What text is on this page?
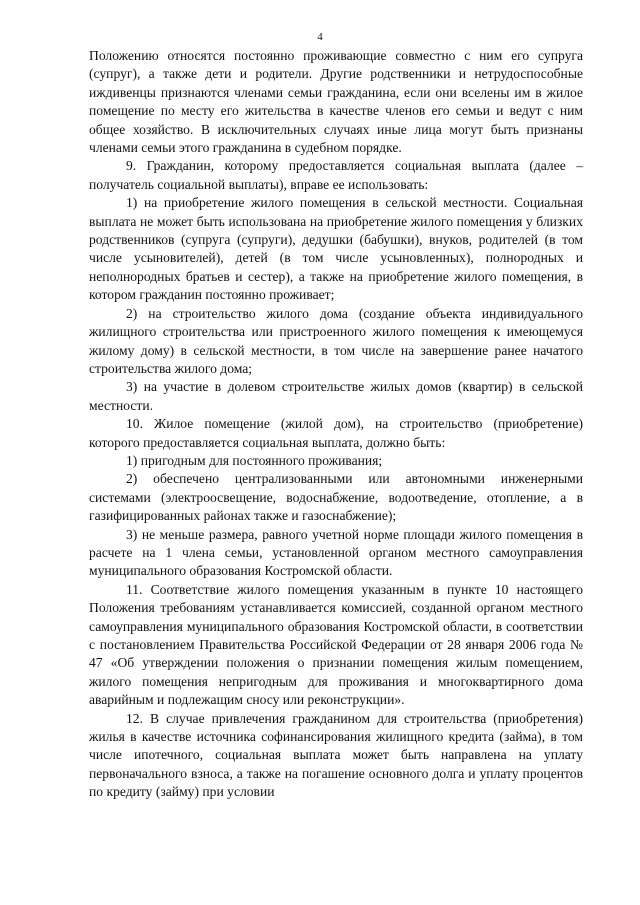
4

Положению относятся постоянно проживающие совместно с ним его супруга (супруг), а также дети и родители. Другие родственники и нетрудоспособные иждивенцы признаются членами семьи гражданина, если они вселены им в жилое помещение по месту его жительства в качестве членов его семьи и ведут с ним общее хозяйство. В исключительных случаях иные лица могут быть признаны членами семьи этого гражданина в судебном порядке.

9. Гражданин, которому предоставляется социальная выплата (далее – получатель социальной выплаты), вправе ее использовать:

1) на приобретение жилого помещения в сельской местности. Социальная выплата не может быть использована на приобретение жилого помещения у близких родственников (супруга (супруги), дедушки (бабушки), внуков, родителей (в том числе усыновителей), детей (в том числе усыновленных), полнородных и неполнородных братьев и сестер), а также на приобретение жилого помещения, в котором гражданин постоянно проживает;

2) на строительство жилого дома (создание объекта индивидуального жилищного строительства или пристроенного жилого помещения к имеющемуся жилому дому) в сельской местности, в том числе на завершение ранее начатого строительства жилого дома;

3) на участие в долевом строительстве жилых домов (квартир) в сельской местности.

10. Жилое помещение (жилой дом), на строительство (приобретение) которого предоставляется социальная выплата, должно быть:

1) пригодным для постоянного проживания;

2) обеспечено централизованными или автономными инженерными системами (электроосвещение, водоснабжение, водоотведение, отопление, а в газифицированных районах также и газоснабжение);

3) не меньше размера, равного учетной норме площади жилого помещения в расчете на 1 члена семьи, установленной органом местного самоуправления муниципального образования Костромской области.

11. Соответствие жилого помещения указанным в пункте 10 настоящего Положения требованиям устанавливается комиссией, созданной органом местного самоуправления муниципального образования Костромской области, в соответствии с постановлением Правительства Российской Федерации от 28 января 2006 года № 47 «Об утверждении положения о признании помещения жилым помещением, жилого помещения непригодным для проживания и многоквартирного дома аварийным и подлежащим сносу или реконструкции».

12. В случае привлечения гражданином для строительства (приобретения) жилья в качестве источника софинансирования жилищного кредита (займа), в том числе ипотечного, социальная выплата может быть направлена на уплату первоначального взноса, а также на погашение основного долга и уплату процентов по кредиту (займу) при условии
